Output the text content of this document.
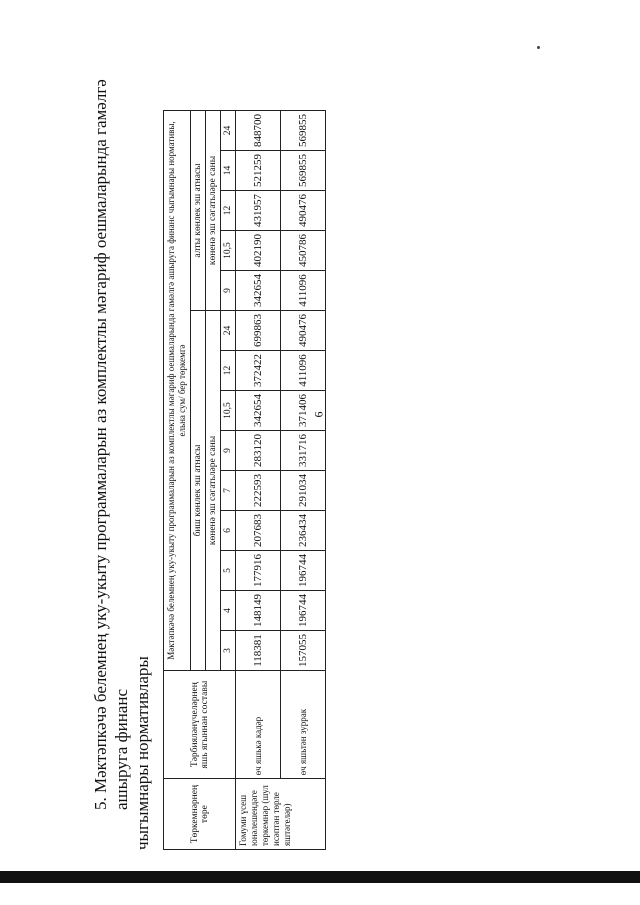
6
5. Мәктәпкәчә белемнең уку-укыту программаларын аз комплектлы мәгариф оешмаларында гамәлгә ашыруга финанс чыгымнары нормативлары	Төркемнәрнең төре	Тәрбияләнүчеләрнең яшь ягыннан составы	Мәктәпкәчә белемнең уку-укыту программаларын аз комплектлы мәгариф оешмаларында гамәлгә ашыруга финанс чыгымнары нормативы, ельна сум/ бер төркемгә													
		биш көнлек эш атнасы									алты көнлек эш атнасы				
		көненә эш сәгатьләре саны									көненә эш сәгатьләре саны				
		3	4	5	6	7	9	10,5	12	24	9	10,5	12	14	24
Гомуми үсеш юнәлешендәге төркемнәр (шул исәптән төрле яштәгеләр)	өч яшькә кадәр	118381	148149	177916	207683	222593	283120	342654	372422	699863	342654	402190	431957	521259	848700
	өч яшьтән зуррак	157055	196744	196744	236434	291034	331716	371406	411096	490476	411096	450786	490476	569855	569855
